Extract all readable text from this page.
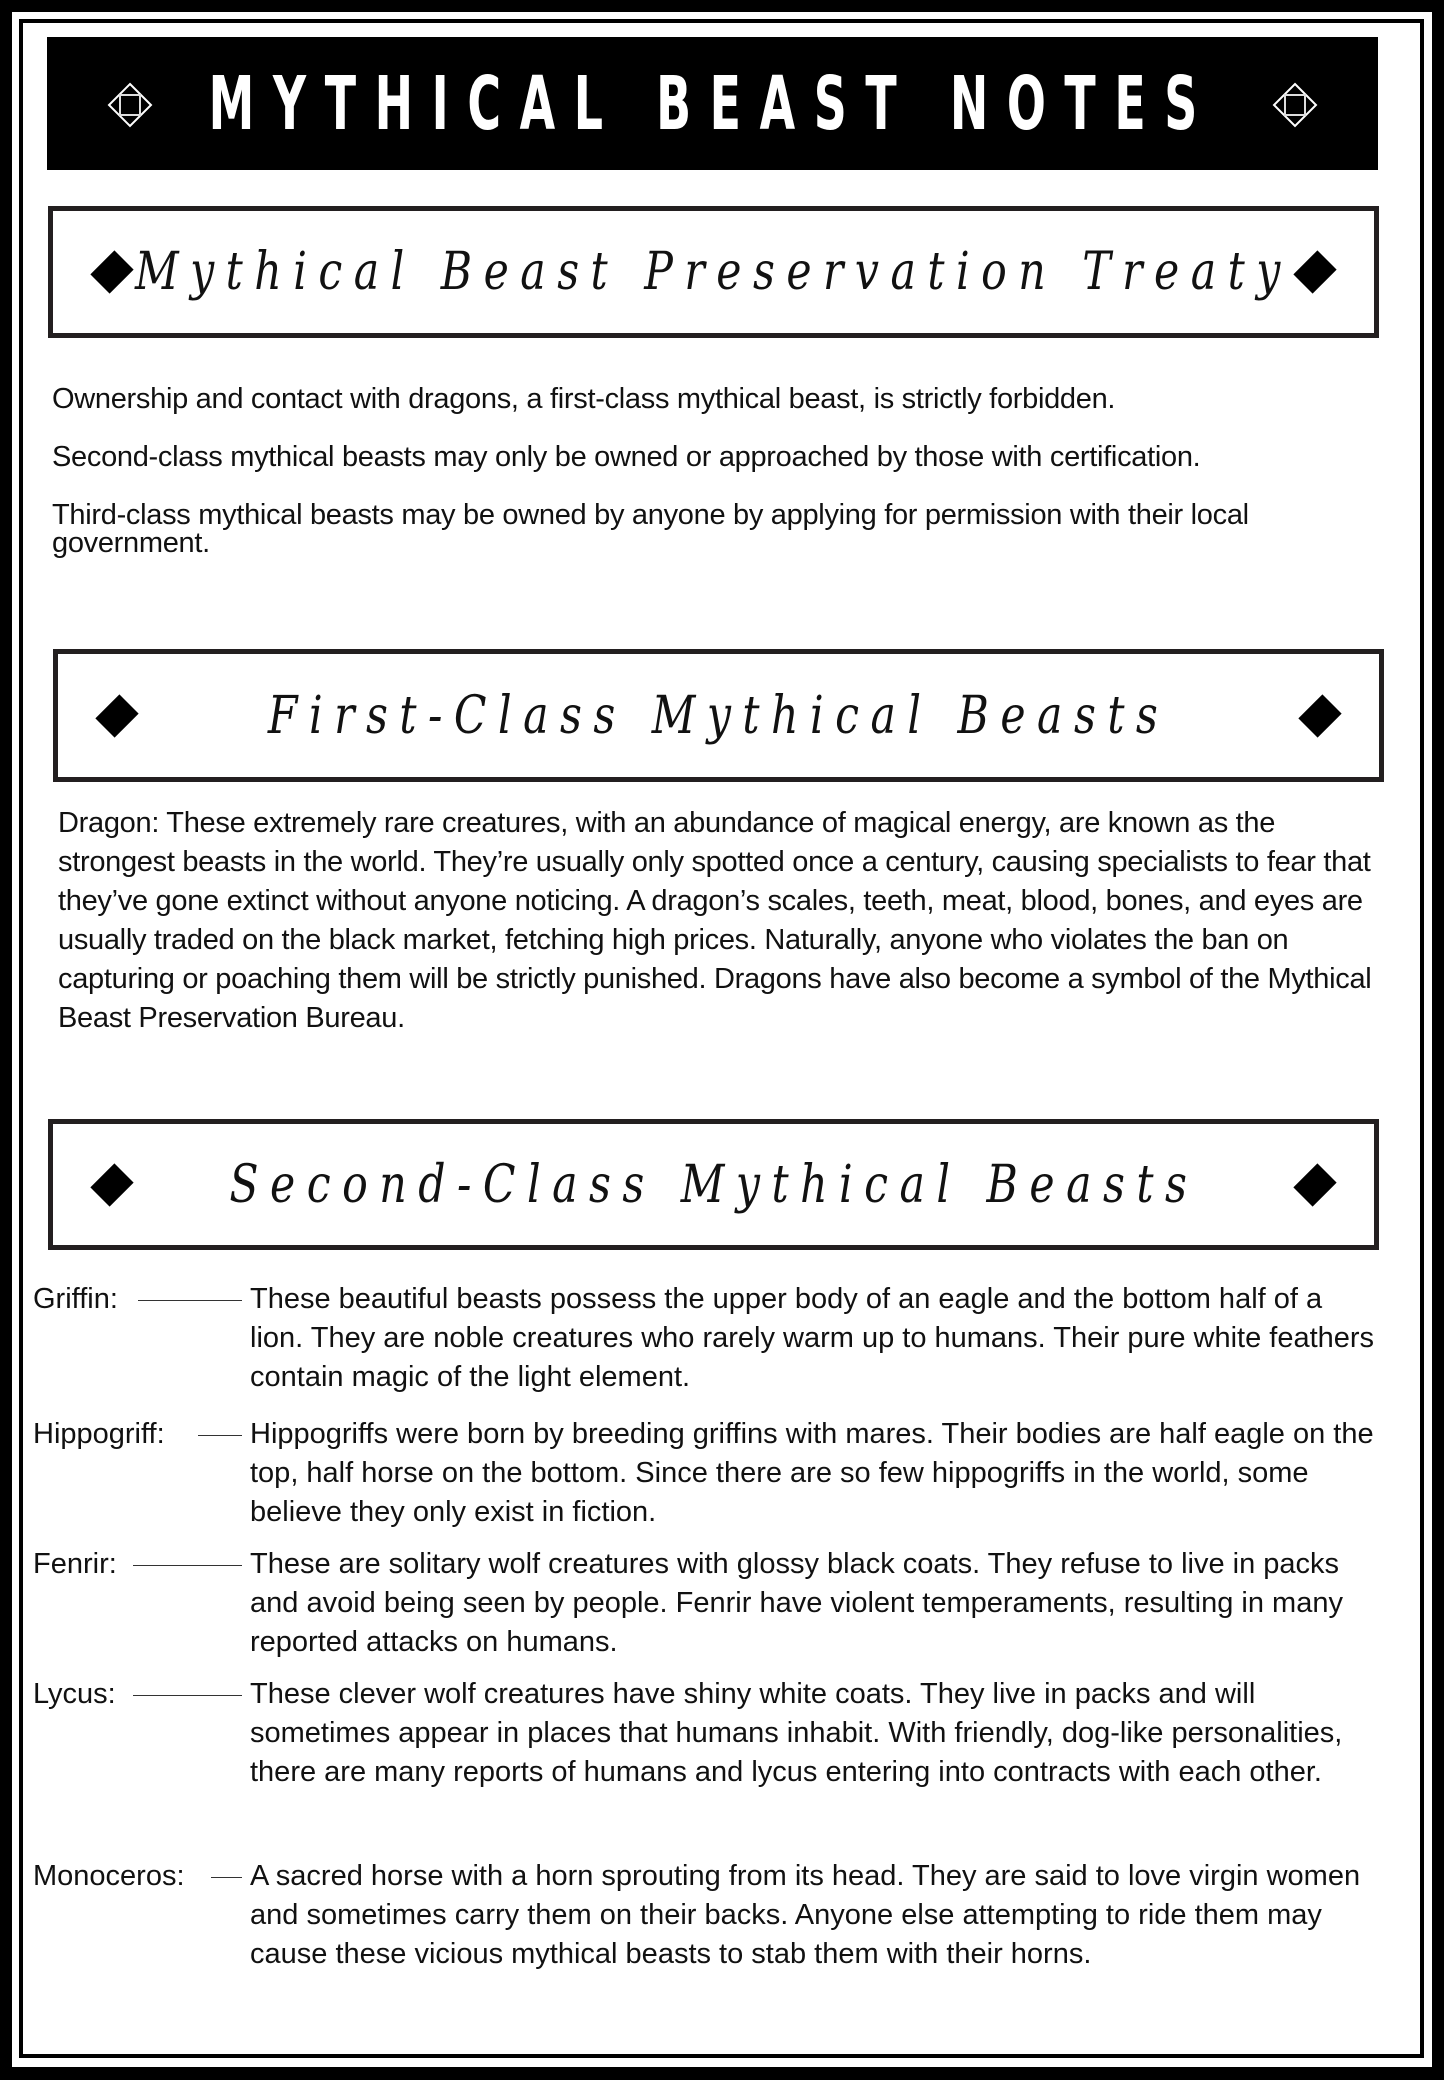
MYTHICAL BEAST NOTES
Mythical Beast Preservation Treaty

Ownership and contact with dragons, a first-class mythical beast, is strictly forbidden.

Second-class mythical beasts may only be owned or approached by those with certification.

Third-class mythical beasts may be owned by anyone by applying for permission with their local government.

First-Class Mythical Beasts
Dragon: These extremely rare creatures, with an abundance of magical energy, are known as the strongest beasts in the world. They’re usually only spotted once a century, causing specialists to fear that they’ve gone extinct without anyone noticing. A dragon’s scales, teeth, meat, blood, bones, and eyes are usually traded on the black market, fetching high prices. Naturally, anyone who violates the ban on capturing or poaching them will be strictly punished. Dragons have also become a symbol of the Mythical Beast Preservation Bureau.
Second-Class Mythical Beasts
Griffin:	These beautiful beasts possess the upper body of an eagle and the bottom half of a lion. They are noble creatures who rarely warm up to humans. Their pure white feathers contain magic of the light element.
Hippogriff:	Hippogriffs were born by breeding griffins with mares. Their bodies are half eagle on the top, half horse on the bottom. Since there are so few hippogriffs in the world, some believe they only exist in fiction.
Fenrir:	These are solitary wolf creatures with glossy black coats. They refuse to live in packs and avoid being seen by people. Fenrir have violent temperaments, resulting in many reported attacks on humans.
Lycus:	These clever wolf creatures have shiny white coats. They live in packs and will sometimes appear in places that humans inhabit. With friendly, dog-like personalities, there are many reports of humans and lycus entering into contracts with each other.
Monoceros:	A sacred horse with a horn sprouting from its head. They are said to love virgin women and sometimes carry them on their backs. Anyone else attempting to ride them may cause these vicious mythical beasts to stab them with their horns.
